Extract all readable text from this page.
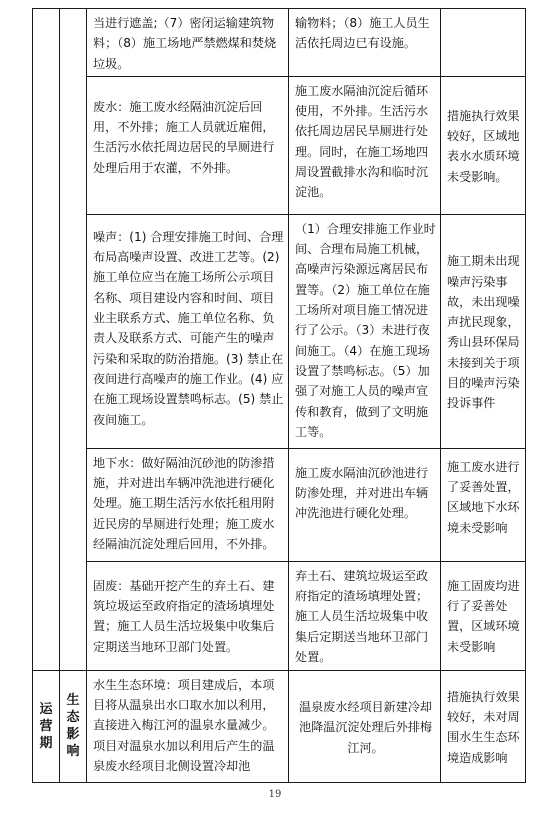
		当进行遮盖;（7）密闭运输建筑物料；（8）施工场地严禁燃煤和焚烧垃圾。	输物料；（8）施工人员生活依托周边已有设施。	
		废水：施工废水经隔油沉淀后回用，不外排；施工人员就近雇佣，生活污水依托周边居民的旱厕进行处理后用于农灌，不外排。	施工废水隔油沉淀后循环使用，不外排。生活污水依托周边居民旱厕进行处理。同时，在施工场地四周设置截排水沟和临时沉淀池。	措施执行效果较好，区域地表水水质环境未受影响。
		噪声：(1) 合理安排施工时间、合理布局高噪声设置、改进工艺等。(2) 施工单位应当在施工场所公示项目名称、项目建设内容和时间、项目业主联系方式、施工单位名称、负责人及联系方式、可能产生的噪声污染和采取的防治措施。(3) 禁止在夜间进行高噪声的施工作业。(4) 应在施工现场设置禁鸣标志。(5) 禁止夜间施工。	（1）合理安排施工作业时间、合理布局施工机械，高噪声污染源远离居民布置等。（2）施工单位在施工场所对项目施工情况进行了公示。（3）未进行夜间施工。（4）在施工现场设置了禁鸣标志。（5）加强了对施工人员的噪声宣传和教育，做到了文明施工等。	施工期未出现噪声污染事故，未出现噪声扰民现象，秀山县环保局未接到关于项目的噪声污染投诉事件
		地下水：做好隔油沉砂池的防渗措施，并对进出车辆冲洗池进行硬化处理。施工期生活污水依托租用附近民房的旱厕进行处理；施工废水经隔油沉淀处理后回用，不外排。	施工废水隔油沉砂池进行防渗处理，并对进出车辆冲洗池进行硬化处理。	施工废水进行了妥善处置，区域地下水环境未受影响
		固废：基础开挖产生的弃土石、建筑垃圾运至政府指定的渣场填埋处置；施工人员生活垃圾集中收集后定期送当地环卫部门处置。	弃土石、建筑垃圾运至政府指定的渣场填埋处置；施工人员生活垃圾集中收集后定期送当地环卫部门处置。	施工固废均进行了妥善处置，区域环境未受影响

运营期	生态影响	水生生态环境：项目建成后，本项目将从温泉出水口取水加以利用，直接进入梅江河的温泉水量减少。项目对温泉水加以利用后产生的温泉废水经项目北侧设置冷却池	温泉废水经项目新建冷却池降温沉淀处理后外排梅江河。	措施执行效果较好，未对周围水生生态环境造成影响
19
